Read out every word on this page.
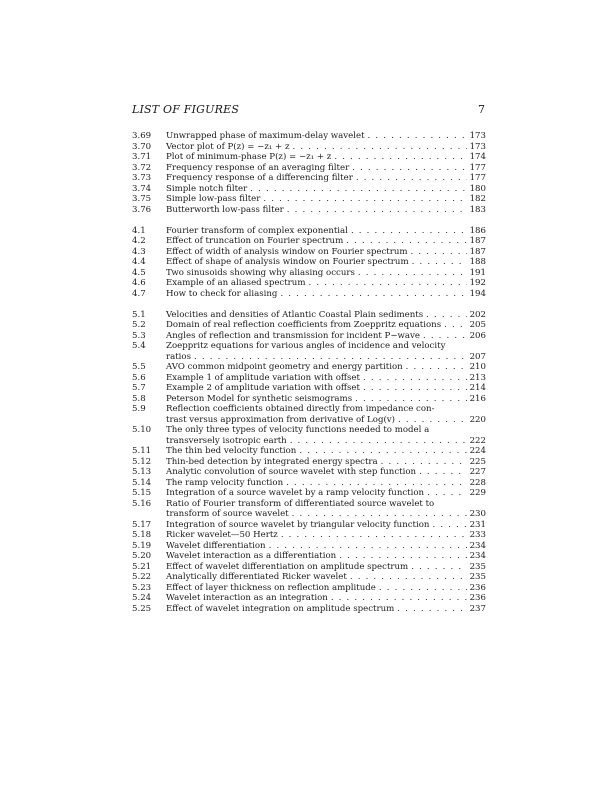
LIST OF FIGURES	7
3.69	Unwrapped phase of maximum-delay wavelet . . .	173
3.70	Vector plot of P(z) = −z₁ + z . . .	173
3.71	Plot of minimum-phase P(z) = −z₁ + z . . .	174
3.72	Frequency response of an averaging filter . . .	177
3.73	Frequency response of a differencing filter . . .	177
3.74	Simple notch filter . . .	180
3.75	Simple low-pass filter . . .	182
3.76	Butterworth low-pass filter . . .	183
4.1	Fourier transform of complex exponential . . .	186
4.2	Effect of truncation on Fourier spectrum . . .	187
4.3	Effect of width of analysis window on Fourier spectrum . . .	187
4.4	Effect of shape of analysis window on Fourier spectrum . . .	188
4.5	Two sinusoids showing why aliasing occurs . . .	191
4.6	Example of an aliased spectrum . . .	192
4.7	How to check for aliasing . . .	194
5.1	Velocities and densities of Atlantic Coastal Plain sediments . . .	202
5.2	Domain of real reflection coefficients from Zoeppritz equations . . .	205
5.3	Angles of reflection and transmission for incident P−wave . . .	206
5.4	Zoeppritz equations for various angles of incidence and velocity
ratios . . .	207
5.5	AVO common midpoint geometry and energy partition . . .	210
5.6	Example 1 of amplitude variation with offset . . .	213
5.7	Example 2 of amplitude variation with offset . . .	214
5.8	Peterson Model for synthetic seismograms . . .	216
5.9	Reflection coefficients obtained directly from impedance con-
trast versus approximation from derivative of Log(v) . . .	220
5.10	The only three types of velocity functions needed to model a
transversely isotropic earth . . .	222
5.11	The thin bed velocity function . . .	224
5.12	Thin-bed detection by integrated energy spectra . . .	225
5.13	Analytic convolution of source wavelet with step function . . .	227
5.14	The ramp velocity function . . .	228
5.15	Integration of a source wavelet by a ramp velocity function . . .	229
5.16	Ratio of Fourier transform of differentiated source wavelet to
transform of source wavelet . . .	230
5.17	Integration of source wavelet by triangular velocity function . . .	231
5.18	Ricker wavelet—50 Hertz . . .	233
5.19	Wavelet differentiation . . .	234
5.20	Wavelet interaction as a differentiation . . .	234
5.21	Effect of wavelet differentiation on amplitude spectrum . . .	235
5.22	Analytically differentiated Ricker wavelet . . .	235
5.23	Effect of layer thickness on reflection amplitude . . .	236
5.24	Wavelet interaction as an integration . . .	236
5.25	Effect of wavelet integration on amplitude spectrum . . .	237
